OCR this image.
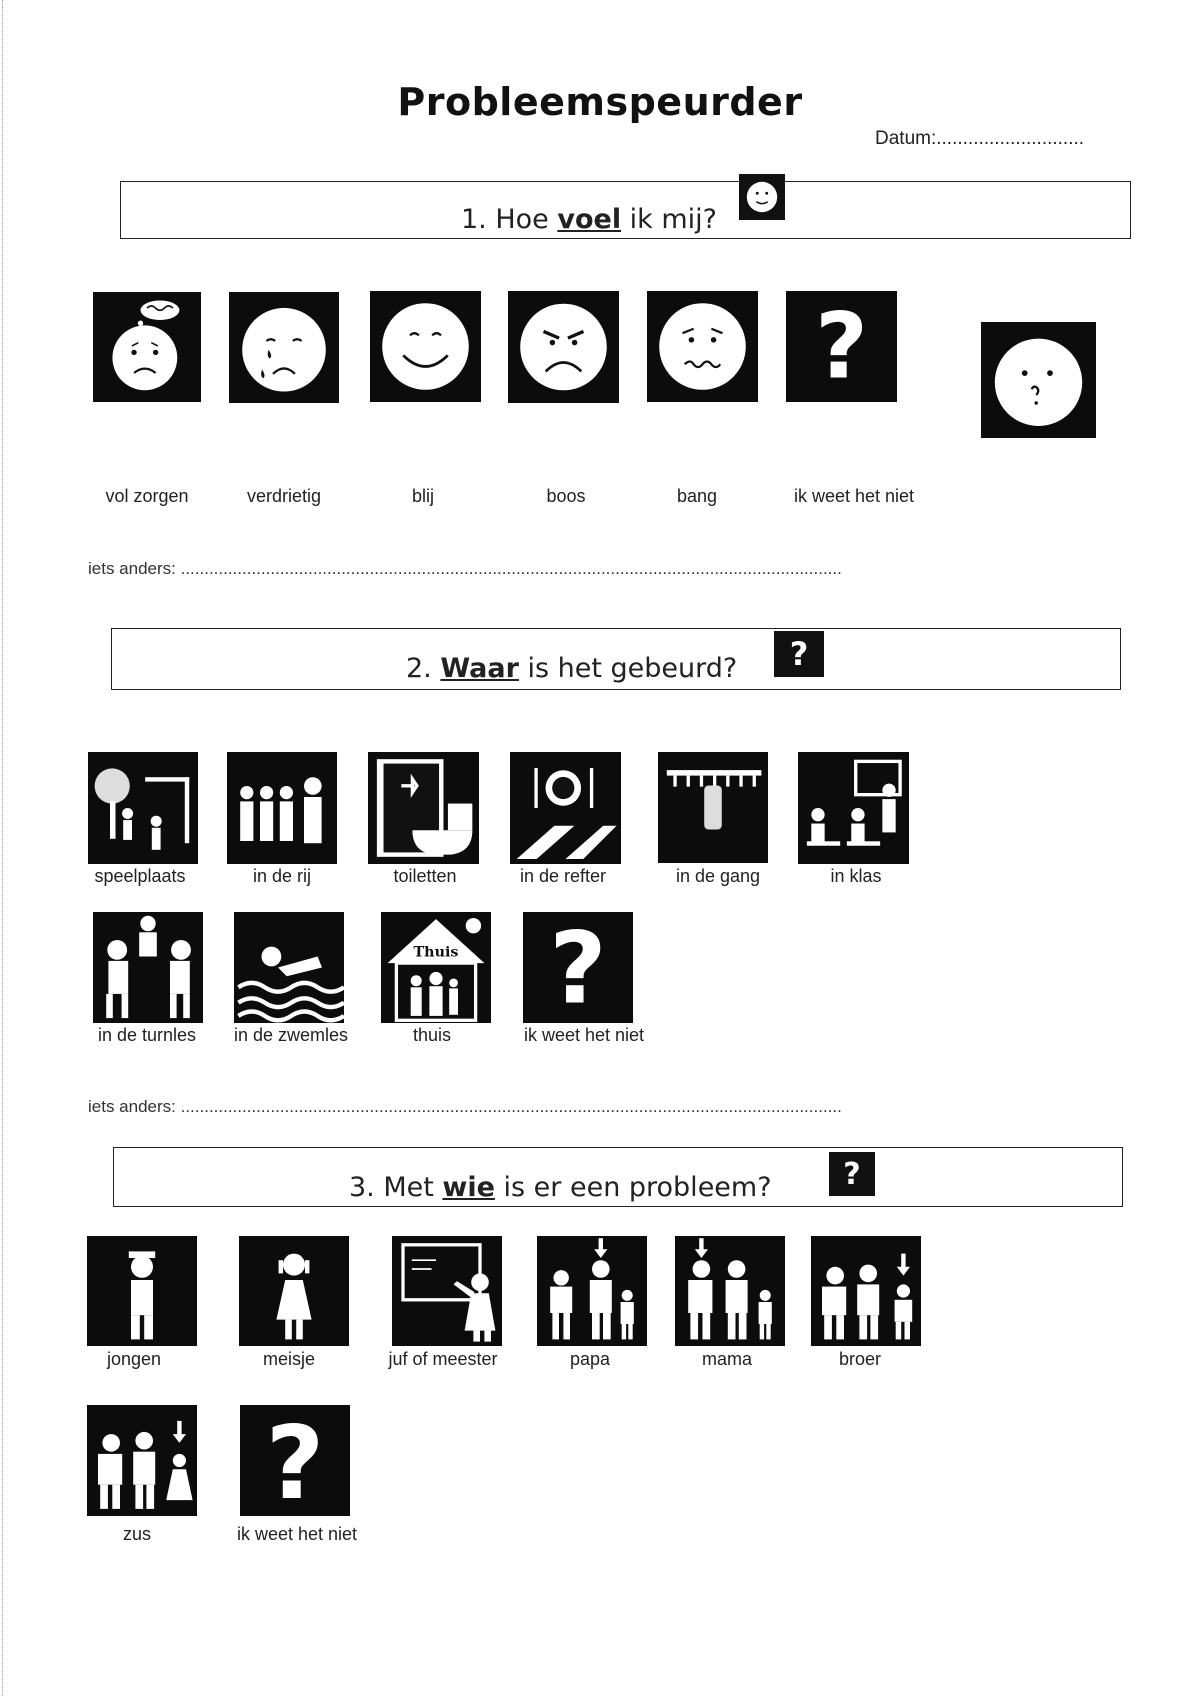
Probleemspeurder
Datum:............................
1. Hoe voel ik mij?
?
vol zorgen	verdrietig	blij	boos	bang	ik weet het niet
iets anders: ............................................................................................................................................
2. Waar is het gebeurd?	?
speelplaats	in de rij	toiletten	in de refter	in de gang	in klas
Thuis ?
in de turnles in de zwemles	thuis	ik weet het niet
iets anders: ............................................................................................................................................
3. Met wie is er een probleem?	?
jongen	meisje	juf of meester	papa	mama	broer
?
zus	ik weet het niet
